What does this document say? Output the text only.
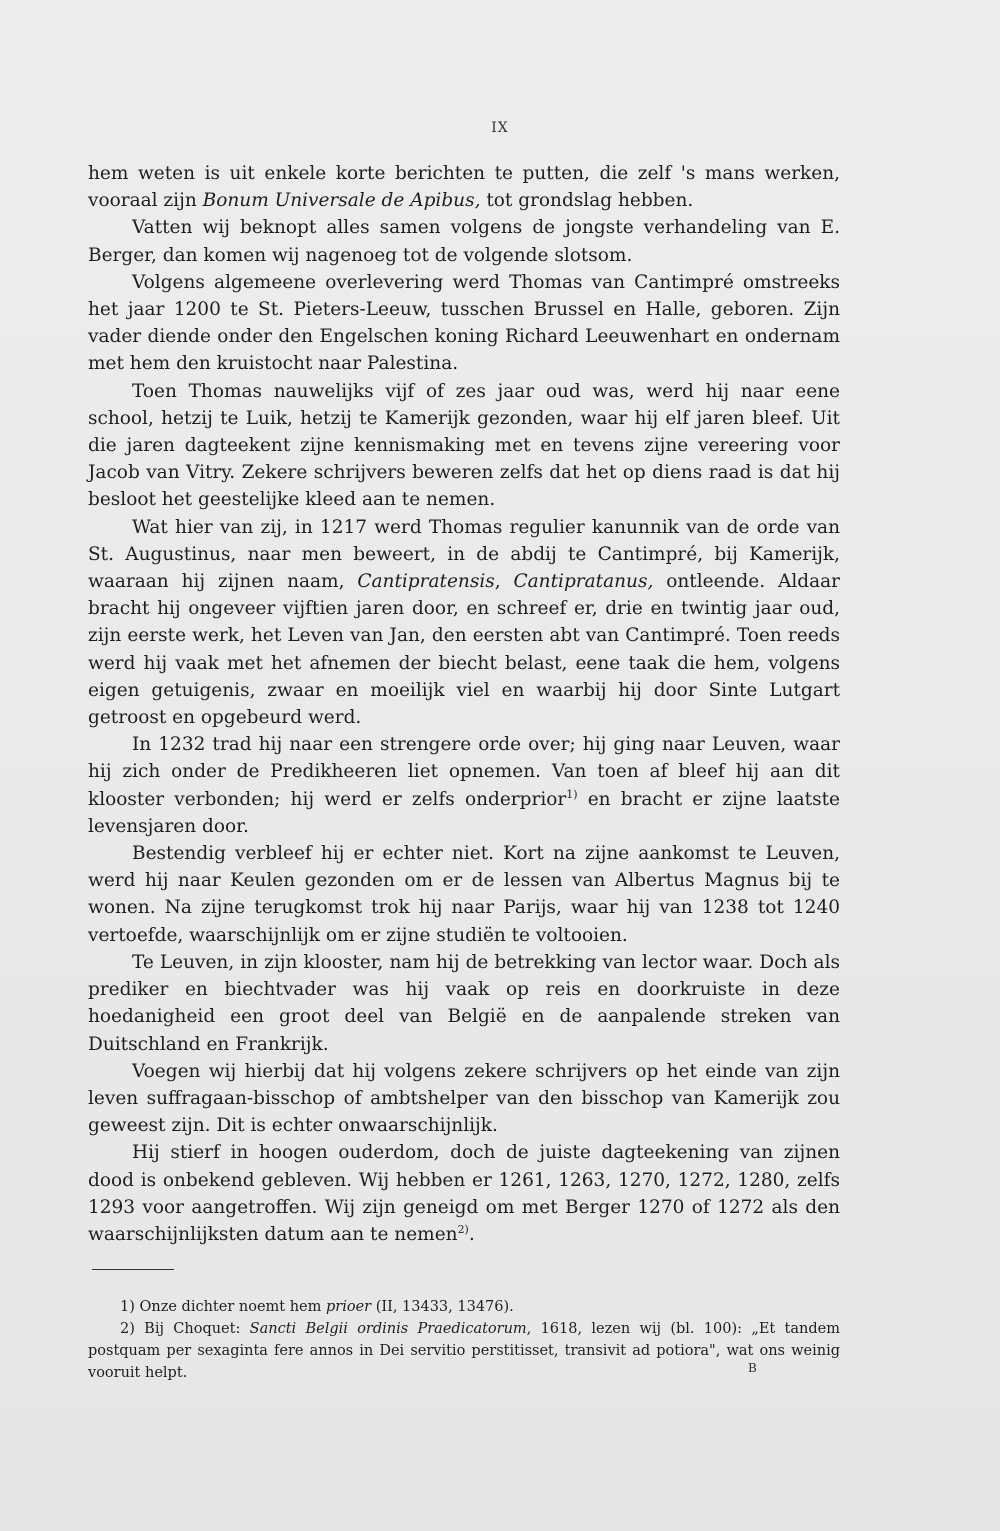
IX

hem weten is uit enkele korte berichten te putten, die zelf 's mans werken, vooraal zijn Bonum Universale de Apibus, tot grondslag hebben.

Vatten wij beknopt alles samen volgens de jongste verhandeling van E. Berger, dan komen wij nagenoeg tot de volgende slotsom.

Volgens algemeene overlevering werd Thomas van Cantimpré omstreeks het jaar 1200 te St. Pieters-Leeuw, tusschen Brussel en Halle, geboren. Zijn vader diende onder den Engelschen koning Richard Leeuwenhart en ondernam met hem den kruistocht naar Palestina.

Toen Thomas nauwelijks vijf of zes jaar oud was, werd hij naar eene school, hetzij te Luik, hetzij te Kamerijk gezonden, waar hij elf jaren bleef. Uit die jaren dagteekent zijne kennismaking met en tevens zijne vereering voor Jacob van Vitry. Zekere schrijvers beweren zelfs dat het op diens raad is dat hij besloot het geestelijke kleed aan te nemen.

Wat hier van zij, in 1217 werd Thomas regulier kanunnik van de orde van St. Augustinus, naar men beweert, in de abdij te Cantimpré, bij Kamerijk, waaraan hij zijnen naam, Cantipratensis, Cantipratanus, ontleende. Aldaar bracht hij ongeveer vijftien jaren door, en schreef er, drie en twintig jaar oud, zijn eerste werk, het Leven van Jan, den eersten abt van Cantimpré. Toen reeds werd hij vaak met het afnemen der biecht belast, eene taak die hem, volgens eigen getuigenis, zwaar en moeilijk viel en waarbij hij door Sinte Lutgart getroost en opgebeurd werd.

In 1232 trad hij naar een strengere orde over; hij ging naar Leuven, waar hij zich onder de Predikheeren liet opnemen. Van toen af bleef hij aan dit klooster verbonden; hij werd er zelfs onderprior$^{1)}$ en bracht er zijne laatste levensjaren door.

Bestendig verbleef hij er echter niet. Kort na zijne aankomst te Leuven, werd hij naar Keulen gezonden om er de lessen van Albertus Magnus bij te wonen. Na zijne terugkomst trok hij naar Parijs, waar hij van 1238 tot 1240 vertoefde, waarschijnlijk om er zijne studiën te voltooien.

Te Leuven, in zijn klooster, nam hij de betrekking van lector waar. Doch als prediker en biechtvader was hij vaak op reis en doorkruiste in deze hoedanigheid een groot deel van België en de aanpalende streken van Duitschland en Frankrijk.

Voegen wij hierbij dat hij volgens zekere schrijvers op het einde van zijn leven suffragaan-bisschop of ambtshelper van den bisschop van Kamerijk zou geweest zijn. Dit is echter onwaarschijnlijk.

Hij stierf in hoogen ouderdom, doch de juiste dagteekening van zijnen dood is onbekend gebleven. Wij hebben er 1261, 1263, 1270, 1272, 1280, zelfs 1293 voor aangetroffen. Wij zijn geneigd om met Berger 1270 of 1272 als den waarschijnlijksten datum aan te nemen$^{2)}$.

1) Onze dichter noemt hem prioer (II, 13433, 13476).

2) Bij Choquet: Sancti Belgii ordinis Praedicatorum, 1618, lezen wij (bl. 100): „Et tandem postquam per sexaginta fere annos in Dei servitio perstitisset, transivit ad potiora", wat ons weinig vooruit helpt.	B
